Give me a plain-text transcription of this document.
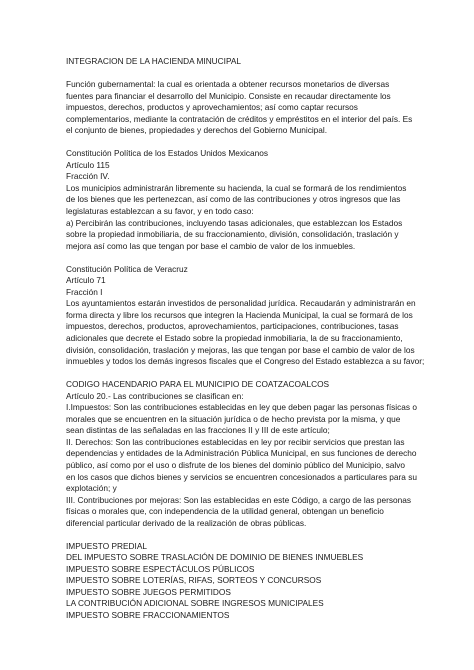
INTEGRACION DE LA HACIENDA MINUCIPAL

Función gubernamental: la cual es orientada a obtener recursos monetarios de diversas

fuentes para financiar el desarrollo del Municipio. Consiste en recaudar directamente los

impuestos, derechos, productos y aprovechamientos; así como captar recursos

complementarios, mediante la contratación de créditos y empréstitos en el interior del país. Es

el conjunto de bienes, propiedades y derechos del Gobierno Municipal.

Constitución Política de los Estados Unidos Mexicanos

Artículo 115

Fracción IV.

Los municipios administrarán libremente su hacienda, la cual se formará de los rendimientos

de los bienes que les pertenezcan, así como de las contribuciones y otros ingresos que las

legislaturas establezcan a su favor, y en todo caso:

a) Percibirán las contribuciones, incluyendo tasas adicionales, que establezcan los Estados

sobre la propiedad inmobiliaria, de su fraccionamiento, división, consolidación, traslación y

mejora así como las que tengan por base el cambio de valor de los inmuebles.

Constitución Política de Veracruz

Artículo 71

Fracción I

Los ayuntamientos estarán investidos de personalidad jurídica. Recaudarán y administrarán en

forma directa y libre los recursos que integren la Hacienda Municipal, la cual se formará de los

impuestos, derechos, productos, aprovechamientos, participaciones, contribuciones, tasas

adicionales que decrete el Estado sobre la propiedad inmobiliaria, la de su fraccionamiento,

división, consolidación, traslación y mejoras, las que tengan por base el cambio de valor de los

inmuebles y todos los demás ingresos fiscales que el Congreso del Estado establezca a su favor;

CODIGO HACENDARIO PARA EL MUNICIPIO DE COATZACOALCOS

Artículo 20.- Las contribuciones se clasifican en:

I.Impuestos: Son las contribuciones establecidas en ley que deben pagar las personas físicas o

morales que se encuentren en la situación jurídica o de hecho prevista por la misma, y que

sean distintas de las señaladas en las fracciones II y III de este artículo;

II. Derechos: Son las contribuciones establecidas en ley por recibir servicios que prestan las

dependencias y entidades de la Administración Pública Municipal, en sus funciones de derecho

público, así como por el uso o disfrute de los bienes del dominio público del Municipio, salvo

en los casos que dichos bienes y servicios se encuentren concesionados a particulares para su

explotación; y

III. Contribuciones por mejoras: Son las establecidas en este Código, a cargo de las personas

físicas o morales que, con independencia de la utilidad general, obtengan un beneficio

diferencial particular derivado de la realización de obras públicas.

IMPUESTO PREDIAL

DEL IMPUESTO SOBRE TRASLACIÓN DE DOMINIO DE BIENES INMUEBLES

IMPUESTO SOBRE ESPECTÁCULOS PÚBLICOS

IMPUESTO SOBRE LOTERÍAS, RIFAS, SORTEOS Y CONCURSOS

IMPUESTO SOBRE JUEGOS PERMITIDOS

LA CONTRIBUCIÓN ADICIONAL SOBRE INGRESOS MUNICIPALES

IMPUESTO SOBRE FRACCIONAMIENTOS
